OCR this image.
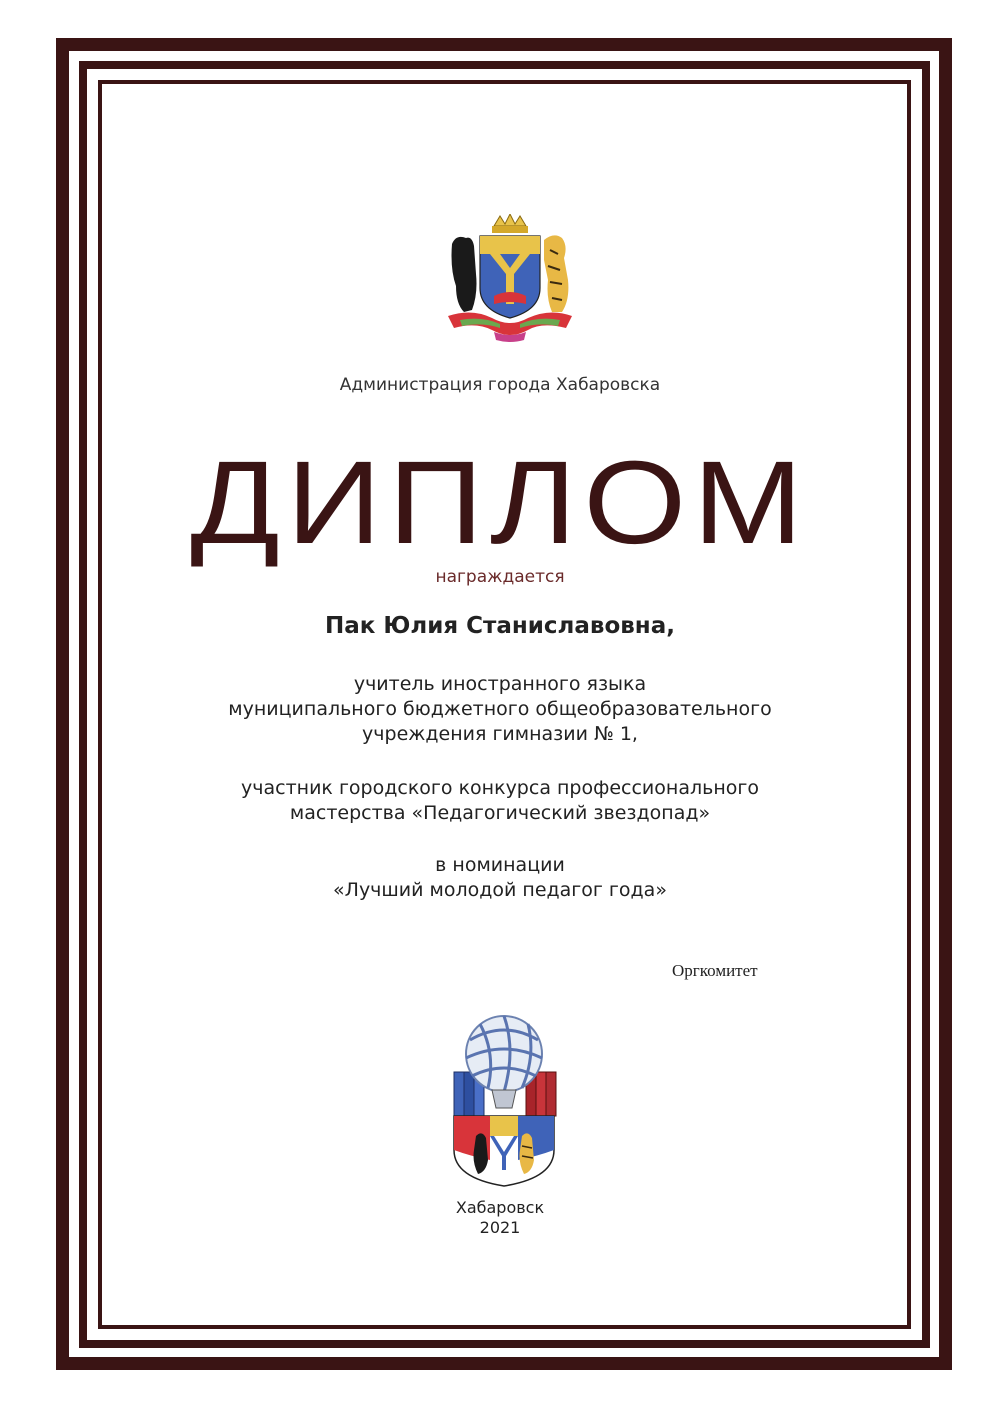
Администрация города Хабаровска

ДИПЛОМ

награждается

Пак Юлия Станиславовна,

учитель иностранного языка
муниципального бюджетного общеобразовательного
учреждения гимназии № 1,
участник городского конкурса профессионального
мастерства «Педагогический звездопад»
в номинации
«Лучший молодой педагог года»
Оргкомитет
Хабаровск
2021
